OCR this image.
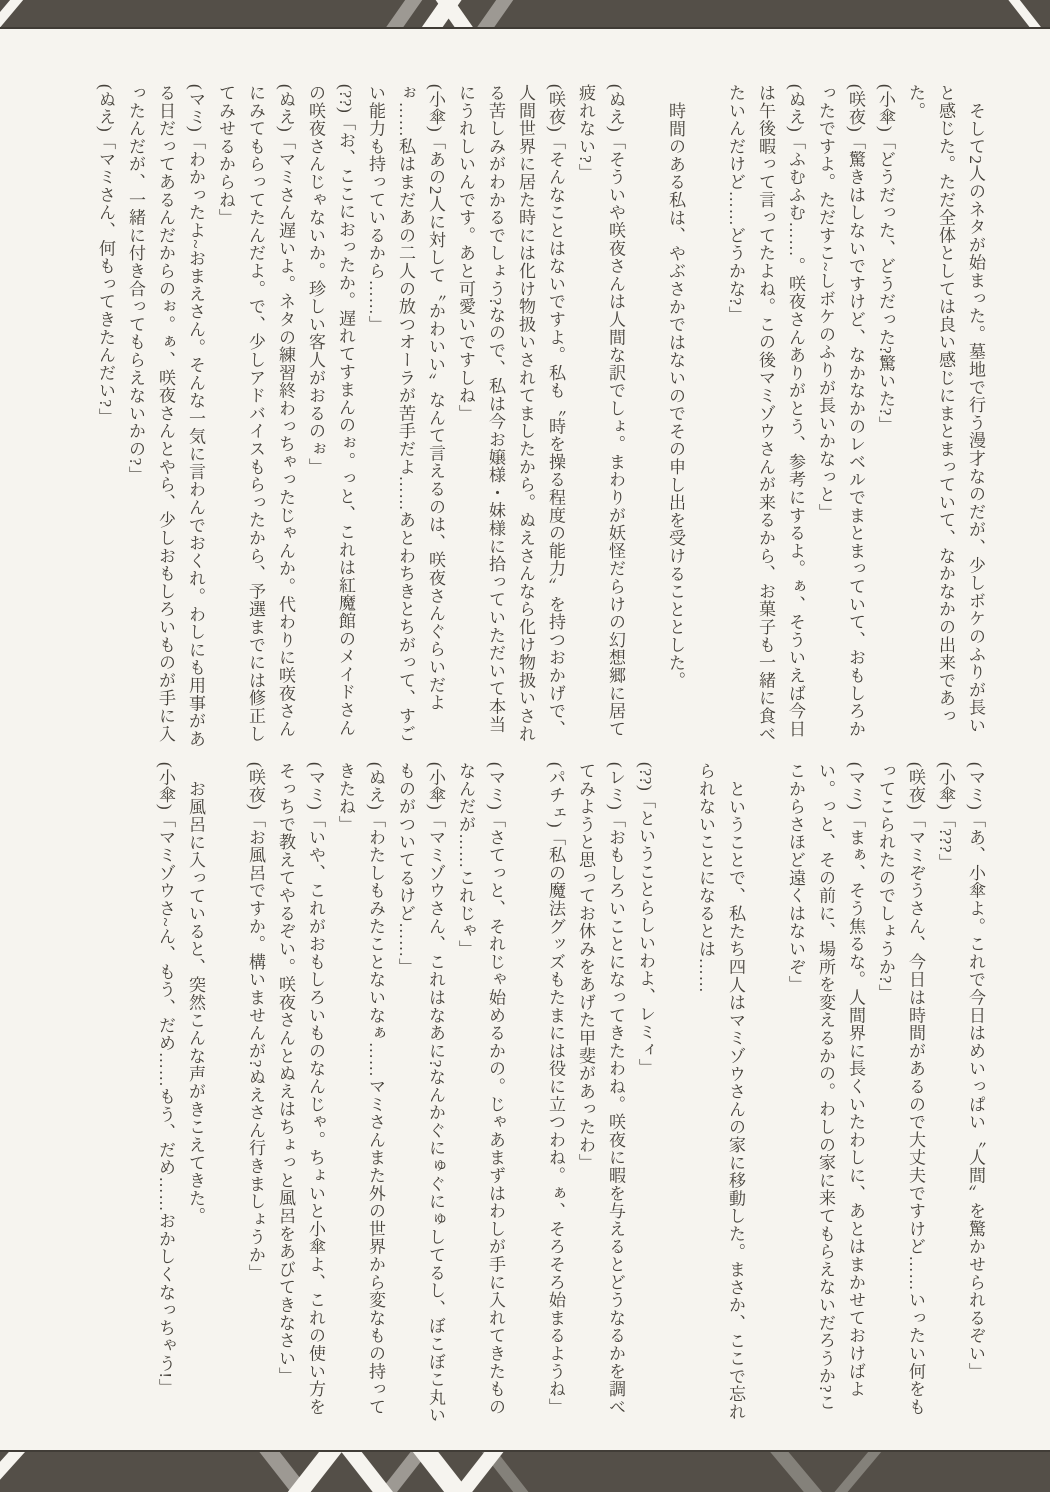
そして2人のネタが始まった。墓地で行う漫才なのだが、少しボケのふりが長いと感じた。ただ全体としては良い感じにまとまっていて、なかなかの出来であった。

(小傘)「どうだった、どうだった?驚いた?」

(咲夜)「驚きはしないですけど、なかなかのレベルでまとまっていて、おもしろかったですよ。ただすこ~しボケのふりが長いかなっと」

(ぬえ)「ふむふむ……。咲夜さんありがとう、参考にするよ。ぁ、そういえば今日は午後暇って言ってたよね。この後マミゾウさんが来るから、お菓子も一緒に食べたいんだけど……どうかな?」

時間のある私は、やぶさかではないのでその申し出を受けることとした。

(ぬえ)「そういや咲夜さんは人間な訳でしょ。まわりが妖怪だらけの幻想郷に居て疲れない?」

(咲夜)「そんなことはないですよ。私も〝時を操る程度の能力〞を持つおかげで、人間世界に居た時には化け物扱いされてましたから。ぬえさんなら化け物扱いされる苦しみがわかるでしょう?なので、私は今お嬢様・妹様に拾っていただいて本当にうれしいんです。あと可愛いですしね」

(小傘)「あの2人に対して〝かわいい〞なんて言えるのは、咲夜さんぐらいだよぉ……私はまだあの二人の放つオーラが苦手だよ……あとわちきとちがって、すごい能力も持っているから……」

(??)「お、ここにおったか。遅れてすまんのぉ。っと、これは紅魔館のメイドさんの咲夜さんじゃないか。珍しい客人がおるのぉ」

(ぬえ)「マミさん遅いよ。ネタの練習終わっちゃったじゃんか。代わりに咲夜さんにみてもらってたんだよ。で、少しアドバイスもらったから、予選までには修正してみせるからね」

(マミ)「わかったよ~おまえさん。そんな一気に言わんでおくれ。わしにも用事がある日だってあるんだからのぉ。ぁ、咲夜さんとやら、少しおもしろいものが手に入ったんだが、一緒に付き合ってもらえないかの?」

(ぬえ)「マミさん、何もってきたんだい?」

(マミ)「あ、小傘よ。これで今日はめいっぱい〝人間〞を驚かせられるぞい」

(小傘)「???」

(咲夜)「マミぞうさん、今日は時間があるので大丈夫ですけど……いったい何をもってこられたのでしょうか?」

(マミ)「まぁ、そう焦るな。人間界に長くいたわしに、あとはまかせておけばよい。っと、その前に、場所を変えるかの。わしの家に来てもらえないだろうか?ここからさほど遠くはないぞ」

ということで、私たち四人はマミゾウさんの家に移動した。まさか、ここで忘れられないことになるとは……

(??)「ということらしいわよ、レミィ」

(レミ)「おもしろいことになってきたわね。咲夜に暇を与えるとどうなるかを調べてみようと思ってお休みをあげた甲斐があったわ」

(パチェ)「私の魔法グッズもたまには役に立つわね。ぁ、そろそろ始まるようね」

(マミ)「さてっと、それじゃ始めるかの。じゃあまずはわしが手に入れてきたものなんだが……これじゃ」

(小傘)「マミゾウさん、これはなあに?なんかぐにゅぐにゅしてるし、ぼこぼこ丸いものがついてるけど……」

(ぬえ)「わたしもみたことないなぁ……マミさんまた外の世界から変なもの持ってきたね」

(マミ)「いや、これがおもしろいものなんじゃ。ちょいと小傘よ、これの使い方をそっちで教えてやるぞい。咲夜さんとぬえはちょっと風呂をあびてきなさい」

(咲夜)「お風呂ですか。構いませんが?ぬえさん行きましょうか」

お風呂に入っていると、突然こんな声がきこえてきた。

(小傘)「マミゾウさ~ん、もう、だめ……もう、だめ……おかしくなっちゃう!」
